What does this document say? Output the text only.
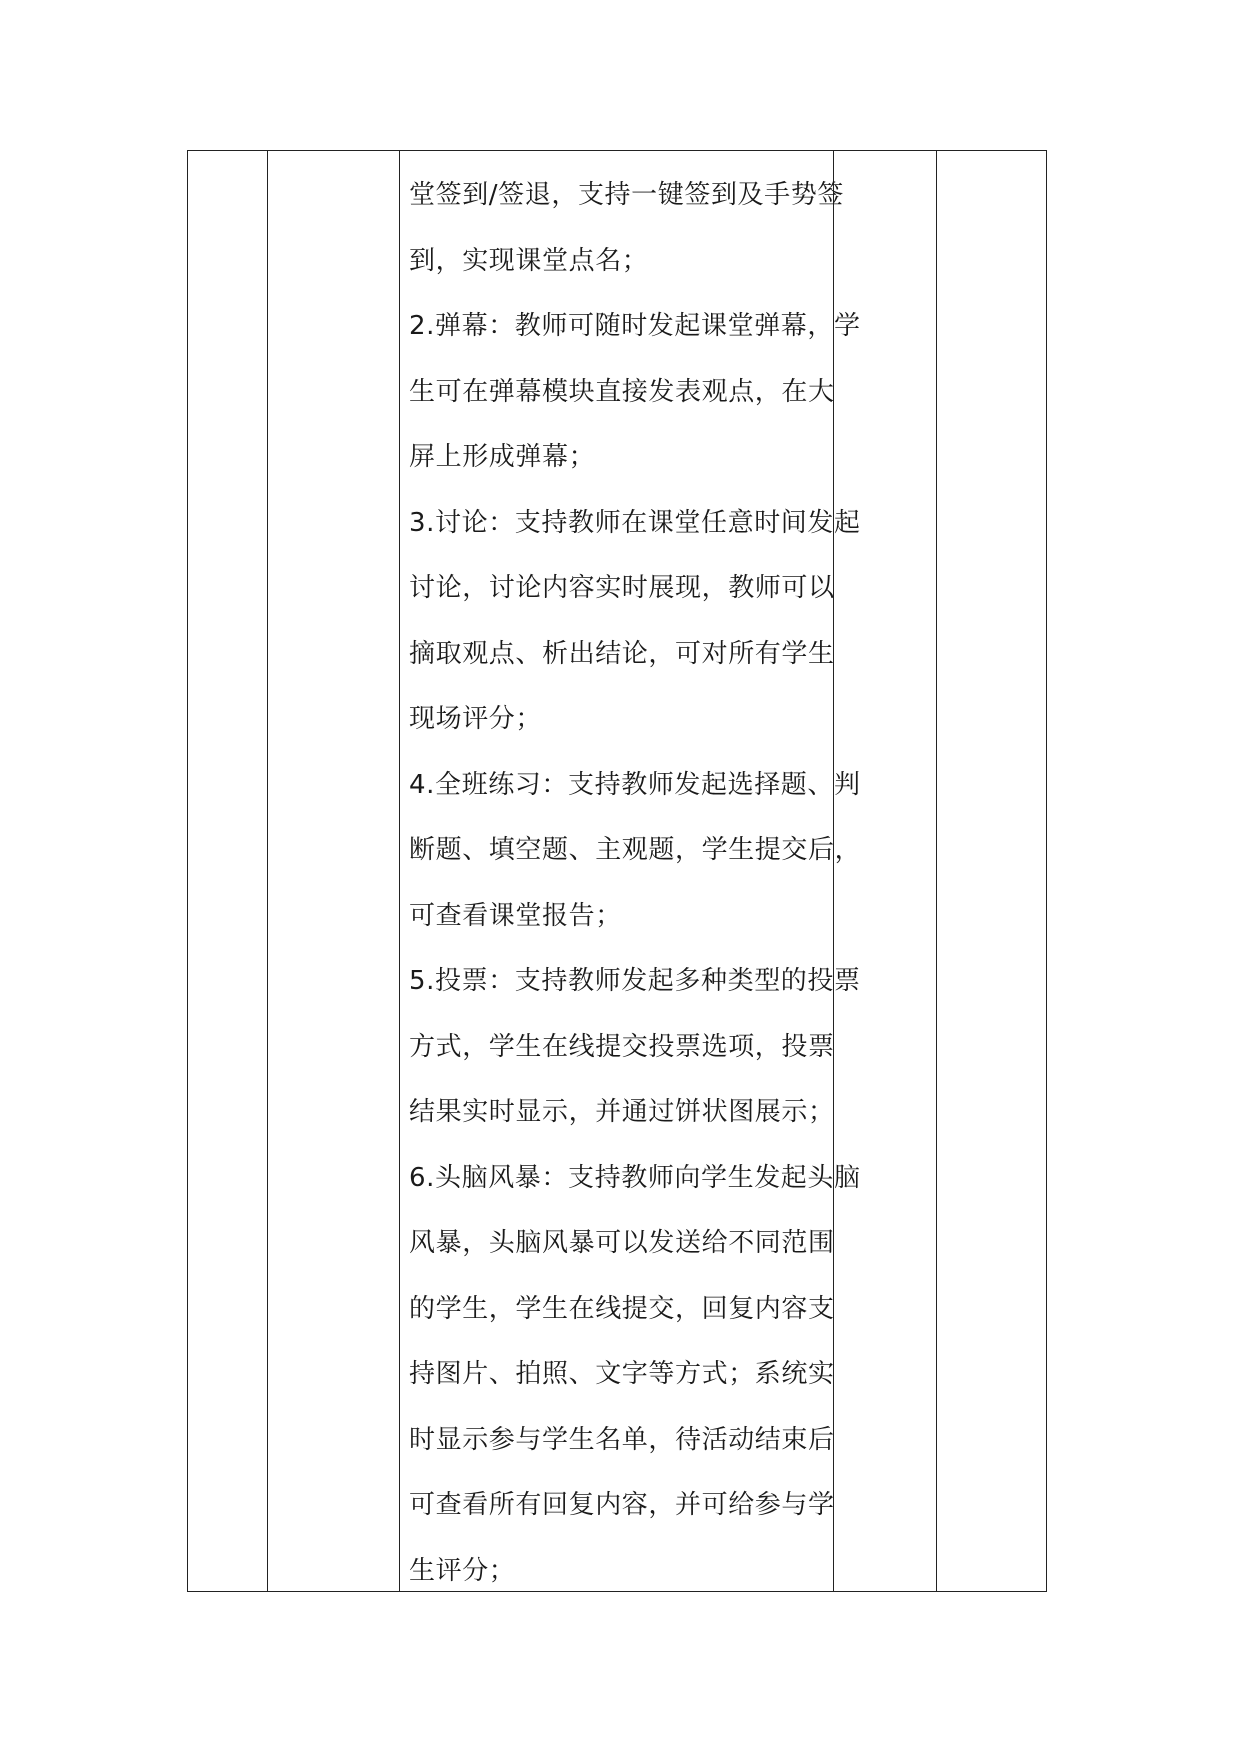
堂签到/签退，支持一键签到及手势签
到，实现课堂点名；
2.弹幕：教师可随时发起课堂弹幕，学
生可在弹幕模块直接发表观点，在大
屏上形成弹幕；
3.讨论：支持教师在课堂任意时间发起
讨论，讨论内容实时展现，教师可以
摘取观点、析出结论，可对所有学生
现场评分；
4.全班练习：支持教师发起选择题、判
断题、填空题、主观题，学生提交后，
可查看课堂报告；
5.投票：支持教师发起多种类型的投票
方式，学生在线提交投票选项，投票
结果实时显示，并通过饼状图展示；
6.头脑风暴：支持教师向学生发起头脑
风暴，头脑风暴可以发送给不同范围
的学生，学生在线提交，回复内容支
持图片、拍照、文字等方式；系统实
时显示参与学生名单，待活动结束后
可查看所有回复内容，并可给参与学
生评分；
